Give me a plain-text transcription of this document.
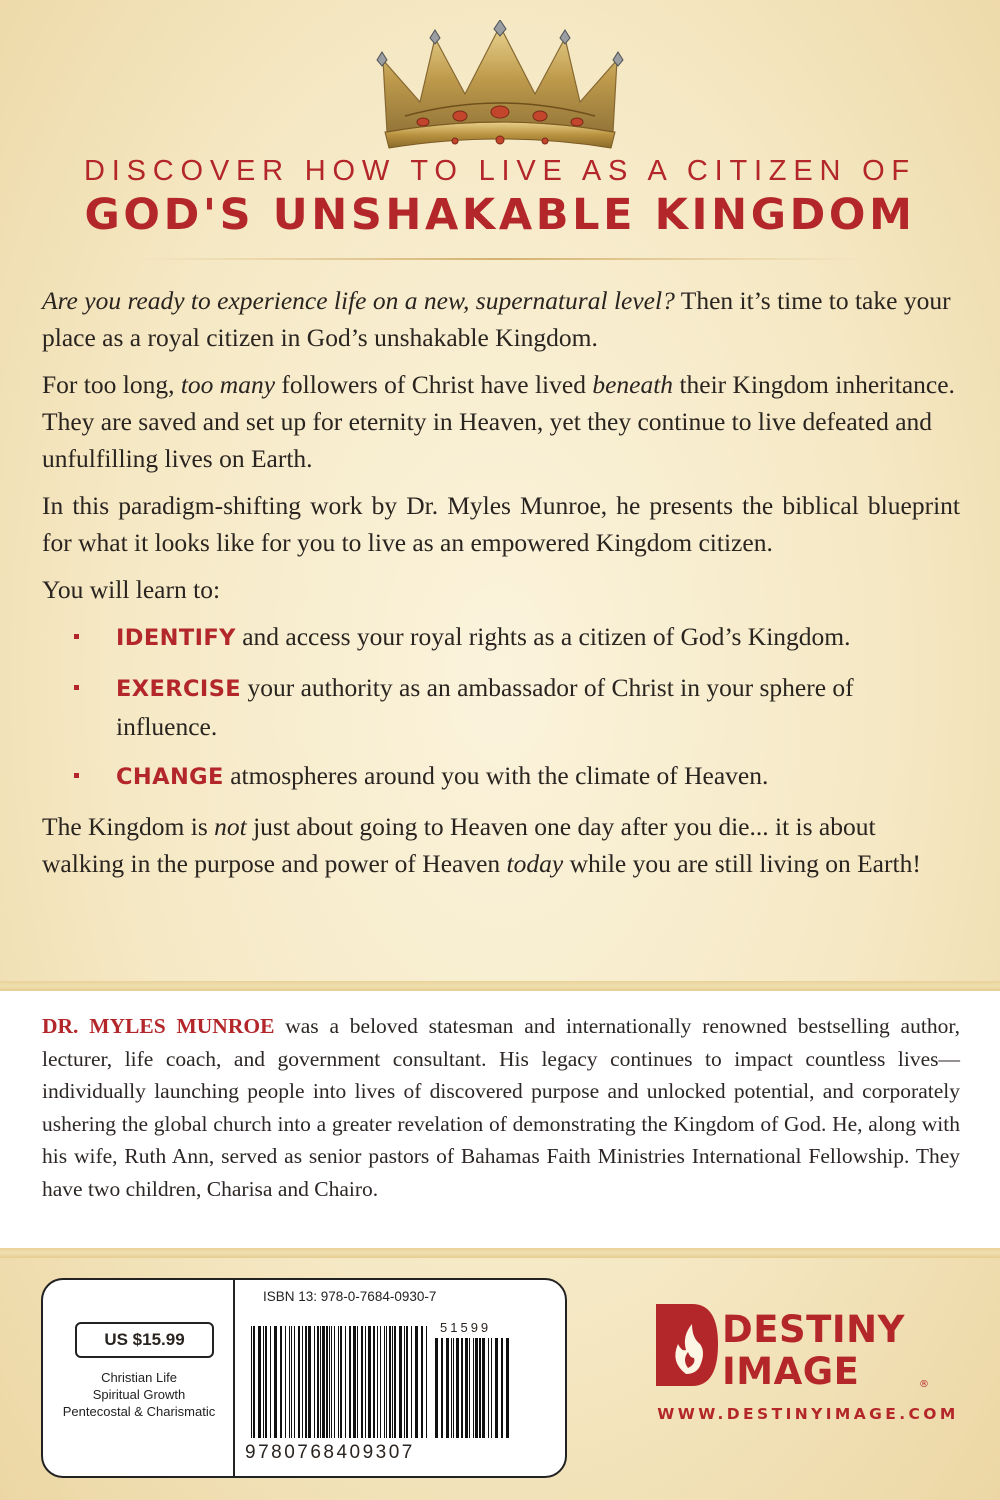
DISCOVER HOW TO LIVE AS A CITIZEN OF
GOD'S UNSHAKABLE KINGDOM

Are you ready to experience life on a new, supernatural level? Then it’s time to take your place as a royal citizen in God’s unshakable Kingdom.

For too long, too many followers of Christ have lived beneath their Kingdom inheritance. They are saved and set up for eternity in Heaven, yet they continue to live defeated and unfulfilling lives on Earth.

In this paradigm-shifting work by Dr. Myles Munroe, he presents the biblical blueprint for what it looks like for you to live as an empowered Kingdom citizen.

You will learn to:

IDENTIFY and access your royal rights as a citizen of God’s Kingdom.
EXERCISE your authority as an ambassador of Christ in your sphere of influence.
CHANGE atmospheres around you with the climate of Heaven.

The Kingdom is not just about going to Heaven one day after you die... it is about walking in the purpose and power of Heaven today while you are still living on Earth!

DR. MYLES MUNROE was a beloved statesman and internationally renowned bestselling author, lecturer, life coach, and government consultant. His legacy continues to impact countless lives—individually launching people into lives of discovered purpose and unlocked potential, and corporately ushering the global church into a greater revelation of demonstrating the Kingdom of God. He, along with his wife, Ruth Ann, served as senior pastors of Bahamas Faith Ministries International Fellowship. They have two children, Charisa and Chairo.

US $15.99
Christian Life
Spiritual Growth
Pentecostal & Charismatic
ISBN 13: 978-0-7684-0930-7
51599
9780768409307
DESTINY
IMAGE	®
WWW.DESTINYIMAGE.COM
